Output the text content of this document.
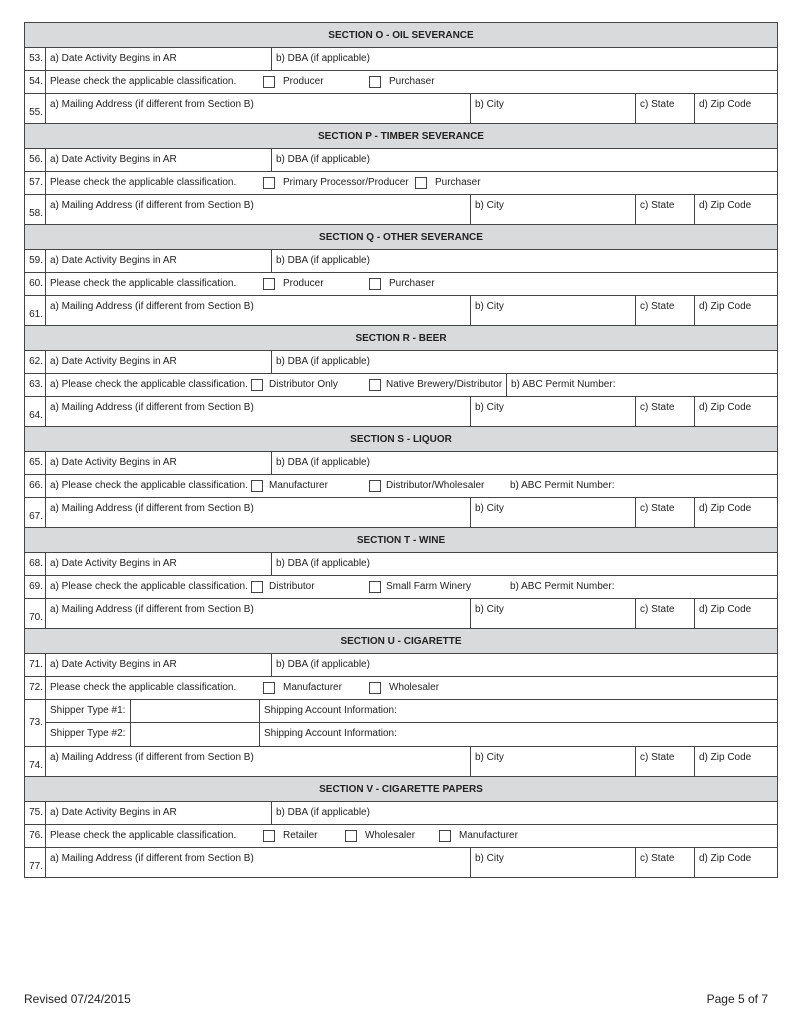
SECTION O - OIL SEVERANCE
53. a) Date Activity Begins in AR	b) DBA (if applicable)
54. Please check the applicable classification.	Producer	Purchaser
55.
a) Mailing Address (if different from Section B)	b) City	c) State	d) Zip Code
SECTION P - TIMBER SEVERANCE
56. a) Date Activity Begins in AR	b) DBA (if applicable)
57. Please check the applicable classification.	Primary Processor/Producer	Purchaser
58.
a) Mailing Address (if different from Section B)	b) City	c) State	d) Zip Code
SECTION Q - OTHER SEVERANCE
59. a) Date Activity Begins in AR	b) DBA (if applicable)
60. Please check the applicable classification.	Producer	Purchaser
61.
a) Mailing Address (if different from Section B)	b) City	c) State	d) Zip Code
SECTION R - BEER
62. a) Date Activity Begins in AR	b) DBA (if applicable)
63. a) Please check the applicable classification.	Distributor Only	Native Brewery/Distributor b) ABC Permit Number:
64.
a) Mailing Address (if different from Section B)	b) City	c) State	d) Zip Code
SECTION S - LIQUOR
65. a) Date Activity Begins in AR	b) DBA (if applicable)
66. a) Please check the applicable classification.	Manufacturer	Distributor/Wholesaler	b) ABC Permit Number:
67.
a) Mailing Address (if different from Section B)	b) City	c) State	d) Zip Code
SECTION T - WINE
68. a) Date Activity Begins in AR	b) DBA (if applicable)
69. a) Please check the applicable classification.	Distributor	Small Farm Winery	b) ABC Permit Number:
70.
a) Mailing Address (if different from Section B)	b) City	c) State	d) Zip Code
SECTION U - CIGARETTE
71. a) Date Activity Begins in AR	b) DBA (if applicable)
72. Please check the applicable classification.	Manufacturer	Wholesaler
73.
Shipper Type #1:	Shipping Account Information:
Shipper Type #2:	Shipping Account Information:
74.
a) Mailing Address (if different from Section B)	b) City	c) State	d) Zip Code
SECTION V - CIGARETTE PAPERS
75. a) Date Activity Begins in AR	b) DBA (if applicable)
76. Please check the applicable classification.	Retailer	Wholesaler	Manufacturer
77.
a) Mailing Address (if different from Section B)	b) City	c) State	d) Zip Code
Revised 07/24/2015	Page 5 of 7
